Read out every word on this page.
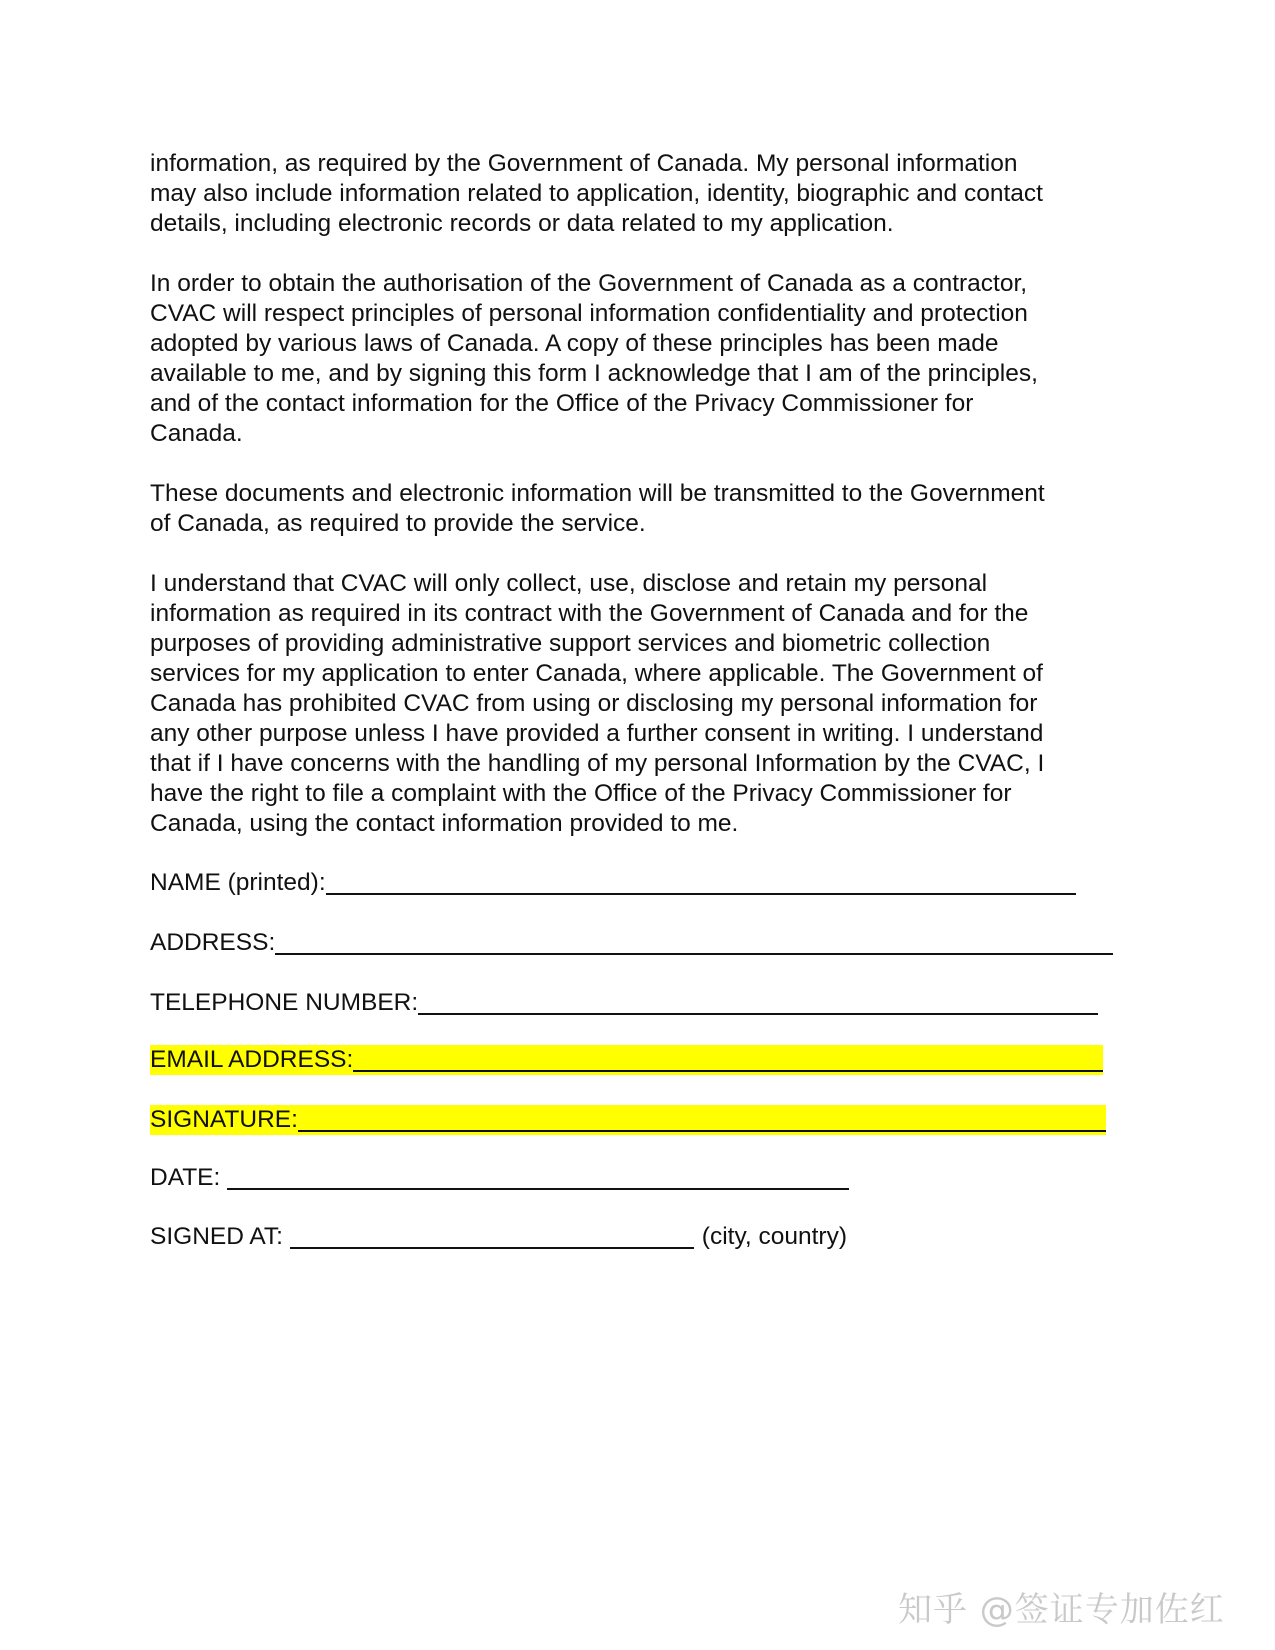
information, as required by the Government of Canada. My personal information
may also include information related to application, identity, biographic and contact
details, including electronic records or data related to my application.

In order to obtain the authorisation of the Government of Canada as a contractor,
CVAC will respect principles of personal information confidentiality and protection
adopted by various laws of Canada. A copy of these principles has been made
available to me, and by signing this form I acknowledge that I am of the principles,
and of the contact information for the Office of the Privacy Commissioner for
Canada.

These documents and electronic information will be transmitted to the Government
of Canada, as required to provide the service.

I understand that CVAC will only collect, use, disclose and retain my personal
information as required in its contract with the Government of Canada and for the
purposes of providing administrative support services and biometric collection
services for my application to enter Canada, where applicable. The Government of
Canada has prohibited CVAC from using or disclosing my personal information for
any other purpose unless I have provided a further consent in writing. I understand
that if I have concerns with the handling of my personal Information by the CVAC, I
have the right to file a complaint with the Office of the Privacy Commissioner for
Canada, using the contact information provided to me.

NAME (printed):
ADDRESS:
TELEPHONE NUMBER:
EMAIL ADDRESS:
SIGNATURE:
DATE:
SIGNED AT:	(city, country)
知乎 @签证专加佐红
